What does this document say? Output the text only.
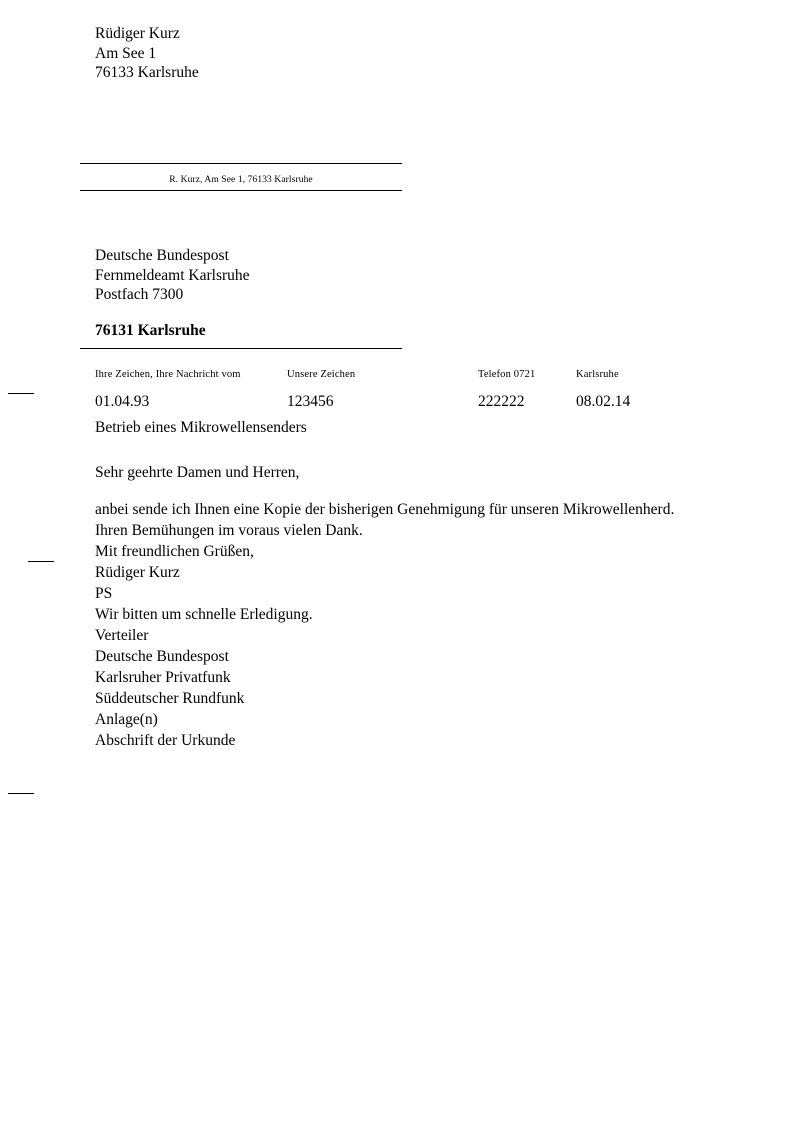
Rüdiger Kurz
Am See 1
76133 Karlsruhe
R. Kurz, Am See 1, 76133 Karlsruhe
Deutsche Bundespost
Fernmeldeamt Karlsruhe
Postfach 7300
76131 Karlsruhe
Ihre Zeichen, Ihre Nachricht vom	Unsere Zeichen	Telefon 0721	Karlsruhe
01.04.93	123456	222222	08.02.14
Betrieb eines Mikrowellensenders

Sehr geehrte Damen und Herren,

anbei sende ich Ihnen eine Kopie der bisherigen Genehmigung für unseren Mikrowellenherd.

Ihren Bemühungen im voraus vielen Dank.

Mit freundlichen Grüßen,

Rüdiger Kurz

PS

Wir bitten um schnelle Erledigung.

Verteiler

Deutsche Bundespost

Karlsruher Privatfunk

Süddeutscher Rundfunk

Anlage(n)

Abschrift der Urkunde
